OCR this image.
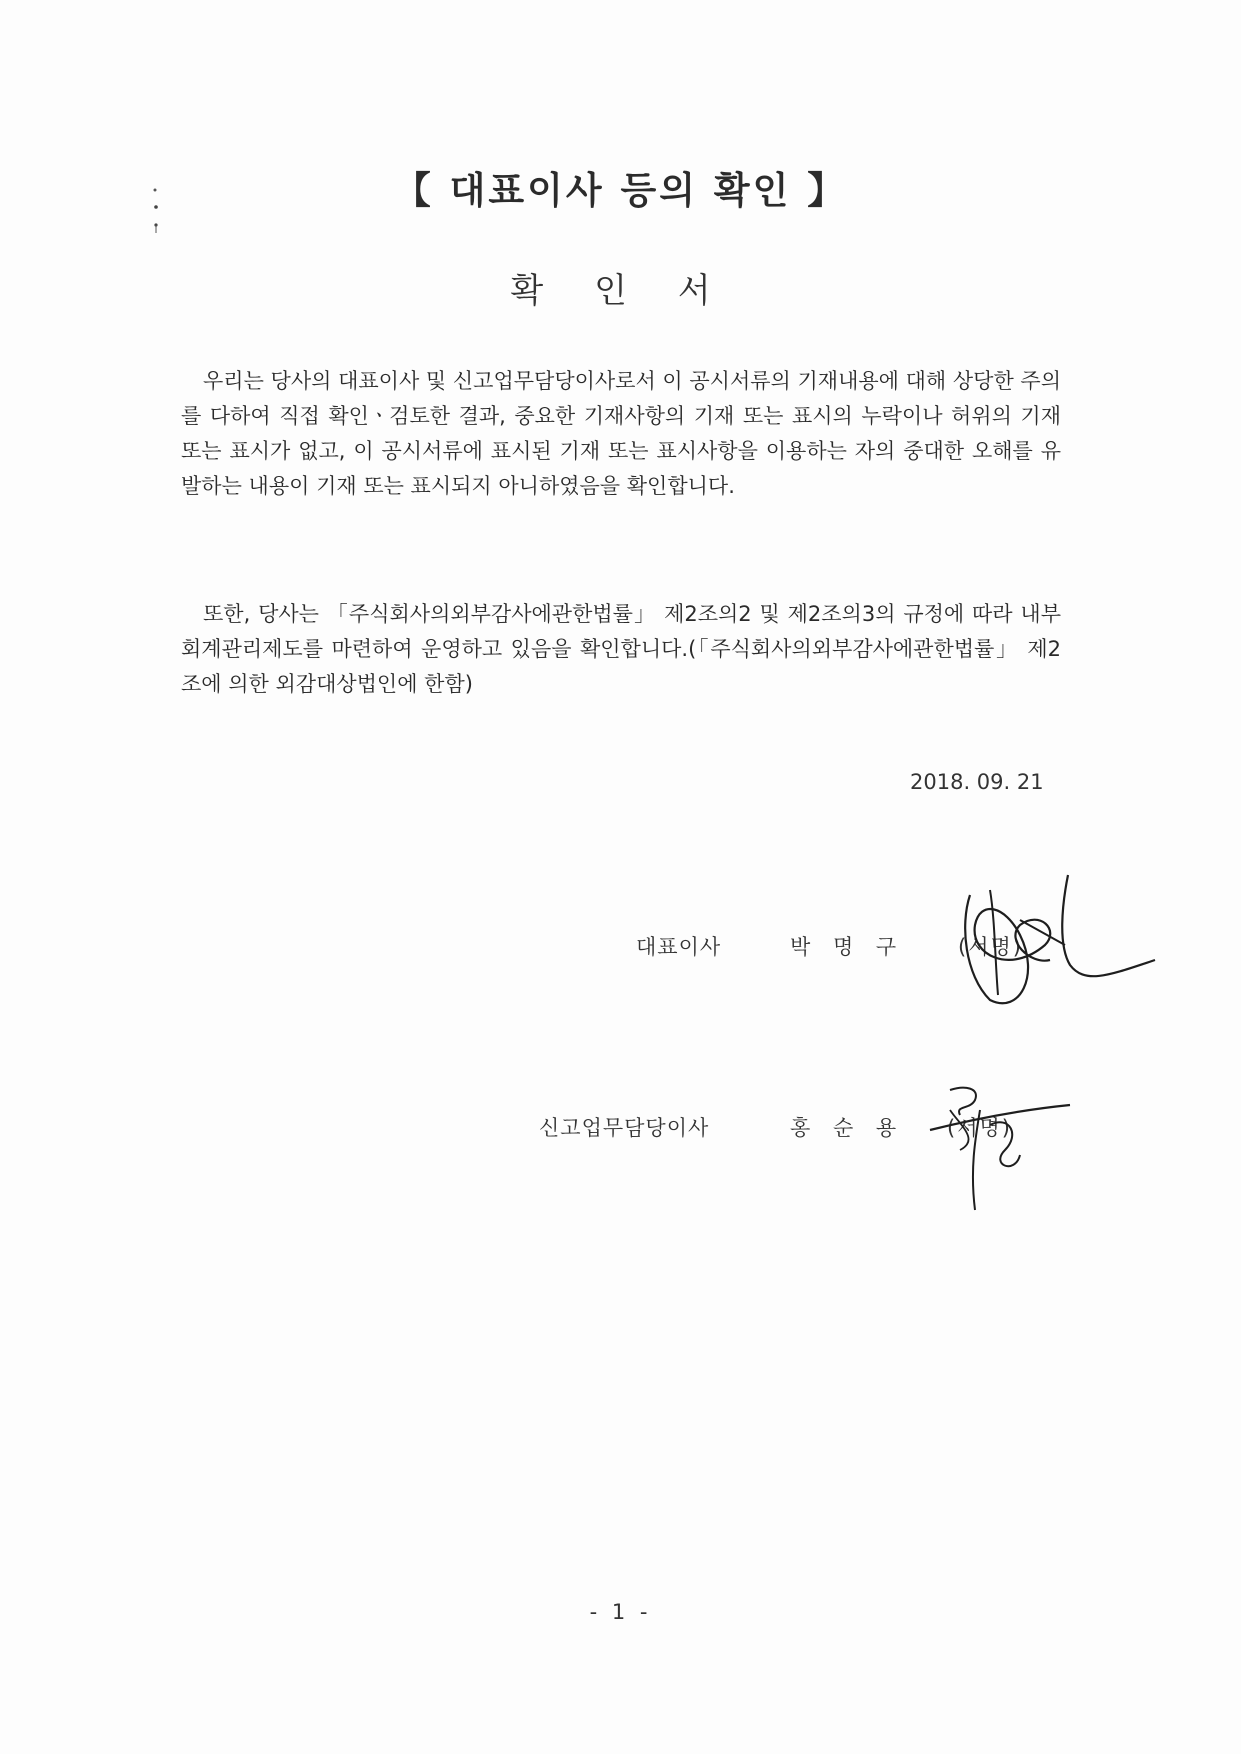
【 대표이사 등의 확인 】
확 인 서
우리는 당사의 대표이사 및 신고업무담당이사로서 이 공시서류의 기재내용에 대해 상당한 주의를 다하여 직접 확인ㆍ검토한 결과, 중요한 기재사항의 기재 또는 표시의 누락이나 허위의 기재 또는 표시가 없고, 이 공시서류에 표시된 기재 또는 표시사항을 이용하는 자의 중대한 오해를 유발하는 내용이 기재 또는 표시되지 아니하였음을 확인합니다.
또한, 당사는 「주식회사의외부감사에관한법률」 제2조의2 및 제2조의3의 규정에 따라 내부회계관리제도를 마련하여 운영하고 있음을 확인합니다.(「주식회사의외부감사에관한법률」 제2조에 의한 외감대상법인에 한함)
2018. 09. 21
대표이사	박 명 구	(서명)
신고업무담당이사	홍 순 용 (서명)
- 1 -
